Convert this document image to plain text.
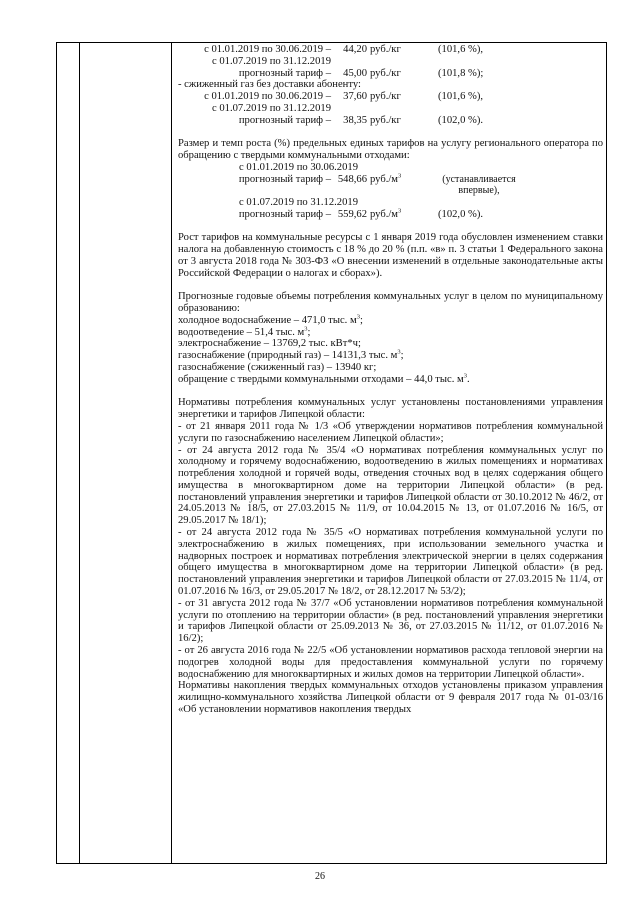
с 01.01.2019 по 30.06.2019 –	44,20 руб./кг	(101,6 %),
с 01.07.2019 по 31.12.2019
прогнозный тариф –	45,00 руб./кг	(101,8 %);
- сжиженный газ без доставки абоненту:
с 01.01.2019 по 30.06.2019 –	37,60 руб./кг	(101,6 %),
с 01.07.2019 по 31.12.2019
прогнозный тариф –	38,35 руб./кг	(102,0 %).

Размер и темп роста (%) предельных единых тарифов на услугу регионального оператора по обращению с твердыми коммунальными отходами:

с 01.01.2019 по 30.06.2019
прогнозный тариф – 548,66 $руб./м^3$	(устанавливается впервые),
с 01.07.2019 по 31.12.2019
прогнозный тариф – 559,62 $руб./м^3$	(102,0 %).

Рост тарифов на коммунальные ресурсы с 1 января 2019 года обусловлен изменением ставки налога на добавленную стоимость с 18 % до 20 % (п.п. «в» п. 3 статьи 1 Федерального закона от 3 августа 2018 года № 303-ФЗ «О внесении изменений в отдельные законодательные акты Российской Федерации о налогах и сборах»).

Прогнозные годовые объемы потребления коммунальных услуг в целом по муниципальному образованию:

холодное водоснабжение – 471,0 тыс. $м^3$;
водоотведение – 51,4 тыс. $м^3$;
электроснабжение – 13769,2 тыс. кВт*ч;
газоснабжение (природный газ) – 14131,3 тыс. $м^3$;
газоснабжение (сжиженный газ) – 13940 кг;
обращение с твердыми коммунальными отходами – 44,0 тыс. $м^3$.

Нормативы потребления коммунальных услуг установлены постановлениями управления энергетики и тарифов Липецкой области:

- от 21 января 2011 года № 1/3 «Об утверждении нормативов потребления коммунальной услуги по газоснабжению населением Липецкой области»;

- от 24 августа 2012 года № 35/4 «О нормативах потребления коммунальных услуг по холодному и горячему водоснабжению, водоотведению в жилых помещениях и нормативах потребления холодной и горячей воды, отведения сточных вод в целях содержания общего имущества в многоквартирном доме на территории Липецкой области» (в ред. постановлений управления энергетики и тарифов Липецкой области от 30.10.2012 № 46/2, от 24.05.2013 № 18/5, от 27.03.2015 № 11/9, от 10.04.2015 № 13, от 01.07.2016 № 16/5, от 29.05.2017 № 18/1);

- от 24 августа 2012 года № 35/5 «О нормативах потребления коммунальной услуги по электроснабжению в жилых помещениях, при использовании земельного участка и надворных построек и нормативах потребления электрической энергии в целях содержания общего имущества в многоквартирном доме на территории Липецкой области» (в ред. постановлений управления энергетики и тарифов Липецкой области от 27.03.2015 № 11/4, от 01.07.2016 № 16/3, от 29.05.2017 № 18/2, от 28.12.2017 № 53/2);

- от 31 августа 2012 года № 37/7 «Об установлении нормативов потребления коммунальной услуги по отоплению на территории области» (в ред. постановлений управления энергетики и тарифов Липецкой области от 25.09.2013 № 36, от 27.03.2015 № 11/12, от 01.07.2016 № 16/2);

- от 26 августа 2016 года № 22/5 «Об установлении нормативов расхода тепловой энергии на подогрев холодной воды для предоставления коммунальной услуги по горячему водоснабжению для многоквартирных и жилых домов на территории Липецкой области».

Нормативы накопления твердых коммунальных отходов установлены приказом управления жилищно-коммунального хозяйства Липецкой области от 9 февраля 2017 года № 01-03/16 «Об установлении нормативов накопления твердых

26
